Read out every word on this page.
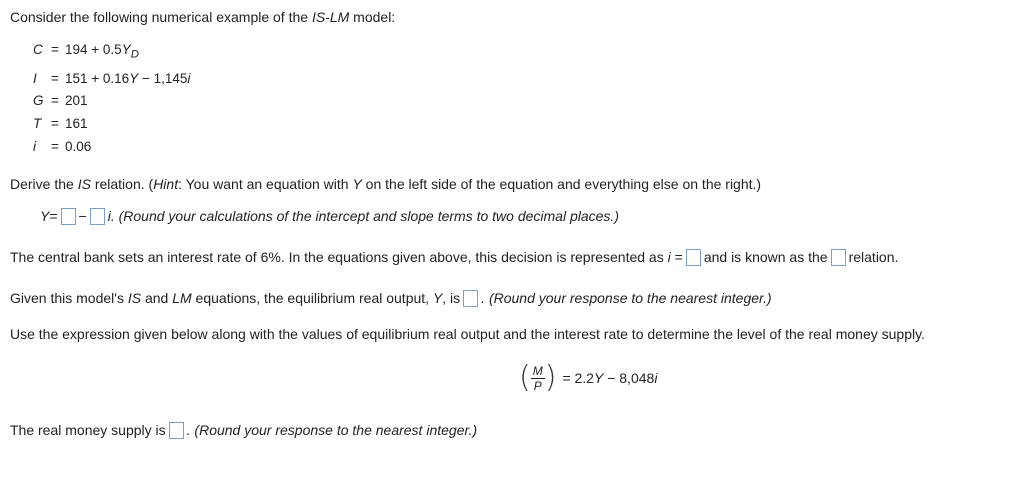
Consider the following numerical example of the IS-LM model:
$C = 194 + 0.5Y_D$
I = 151 + 0.16Y − 1,145i
G = 201
T = 161
i = 0.06
Derive the IS relation. (Hint: You want an equation with Y on the left side of the equation and everything else on the right.)
Y= − i. (Round your calculations of the intercept and slope terms to two decimal places.)
The central bank sets an interest rate of 6%. In the equations given above, this decision is represented as i = and is known as the relation.
Given this model's IS and LM equations, the equilibrium real output, Y, is . (Round your response to the nearest integer.)
Use the expression given below along with the values of equilibrium real output and the interest rate to determine the level of the real money supply.
( $\frac{M}{P}$ ) = 2.2Y − 8,048i
The real money supply is . (Round your response to the nearest integer.)
